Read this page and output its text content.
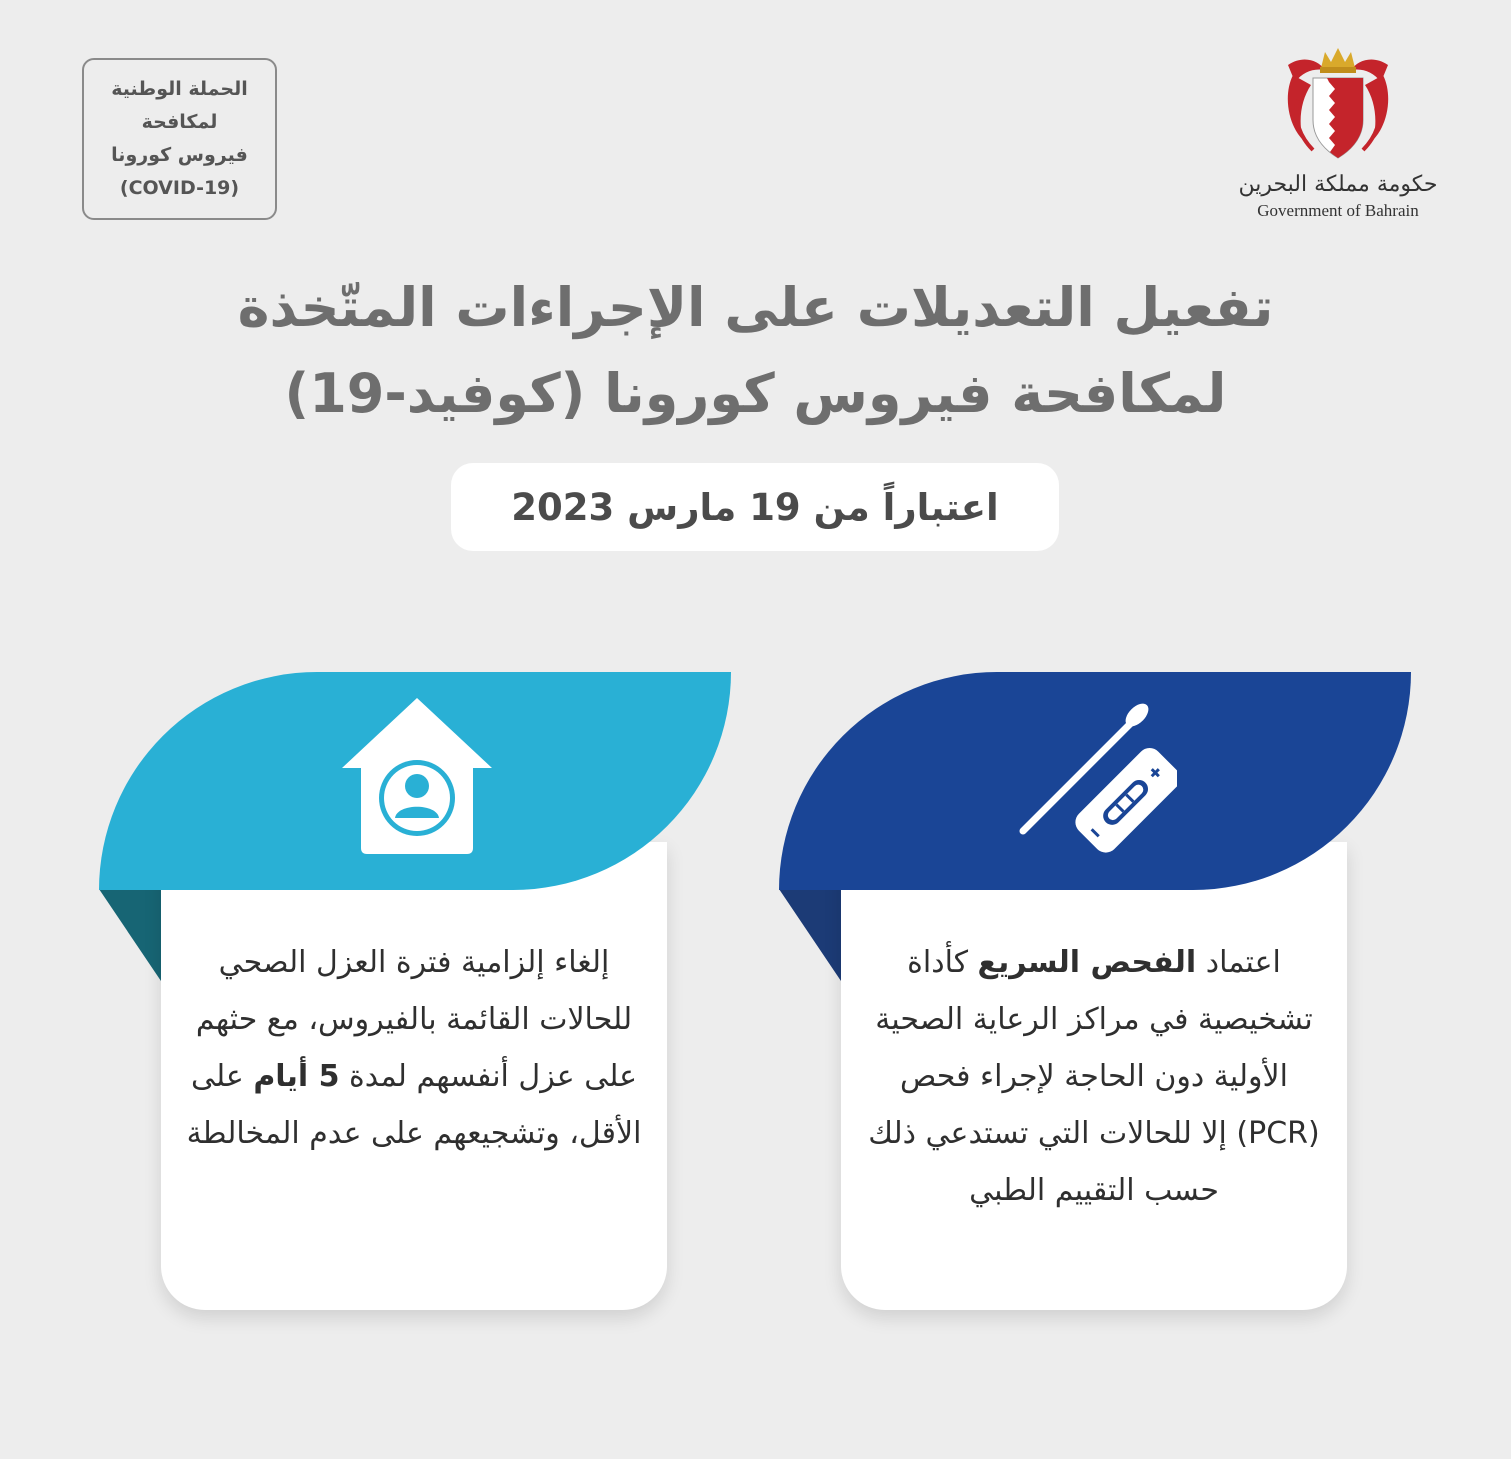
الحملة الوطنية
لمكافحة
فيروس كورونا
(COVID-19)	حكومة مملكة البحرين
Government of Bahrain
تفعيل التعديلات على الإجراءات المتّخذة
لمكافحة فيروس كورونا (كوفيد-19)
اعتباراً من 19 مارس 2023
إلغاء إلزامية فترة العزل الصحي للحالات القائمة بالفيروس، مع حثهم على عزل أنفسهم لمدة 5 أيام على الأقل، وتشجيعهم على عدم المخالطة
اعتماد الفحص السريع كأداة تشخيصية في مراكز الرعاية الصحية الأولية دون الحاجة لإجراء فحص (PCR) إلا للحالات التي تستدعي ذلك حسب التقييم الطبي
